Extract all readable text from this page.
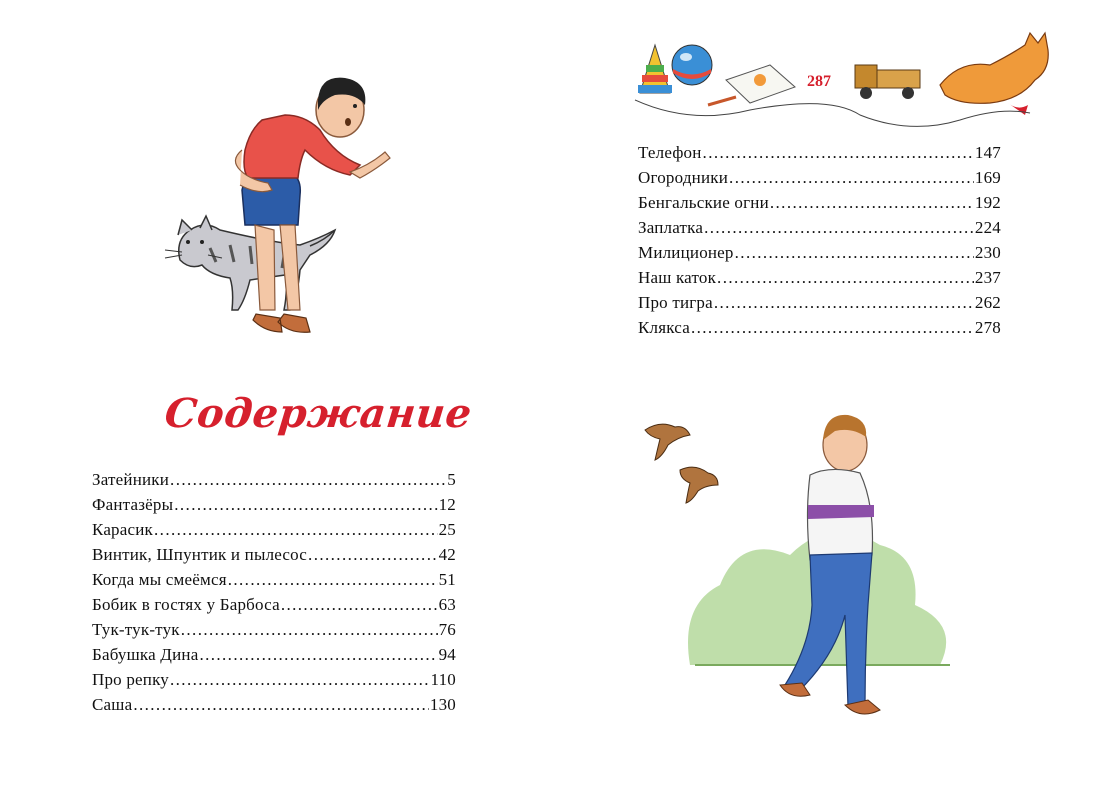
Содержание
Затейники .....	5
Фантазёры .....	12
Карасик .....	25
Винтик, Шпунтик и пылесос .....	42
Когда мы смеёмся .....	51
Бобик в гостях у Барбоса .....	63
Тук-тук-тук .....	76
Бабушка Дина .....	94
Про репку .....	110
Саша .....	130
287
Телефон .....	147
Огородники .....	169
Бенгальские огни .....	192
Заплатка .....	224
Милиционер .....	230
Наш каток .....	237
Про тигра .....	262
Клякса .....	278
